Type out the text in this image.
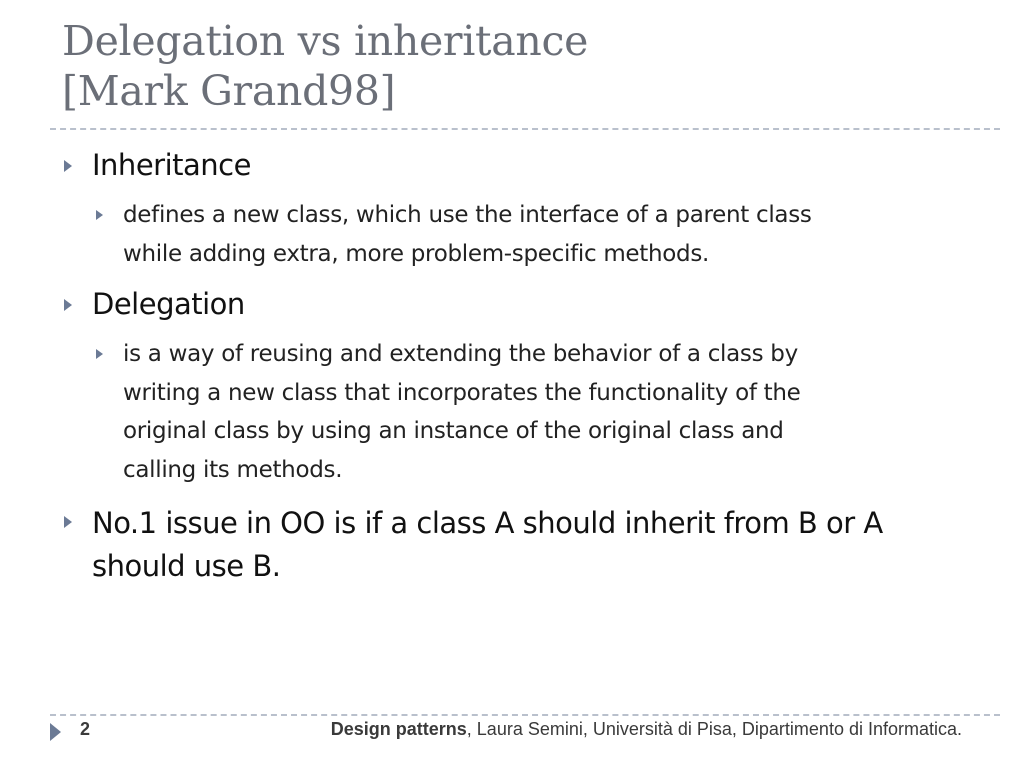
Delegation vs inheritance
[Mark Grand98]
Inheritance
defines a new class, which use the interface of a parent class
while adding extra, more problem-specific methods.
Delegation
is a way of reusing and extending the behavior of a class by
writing a new class that incorporates the functionality of the
original class by using an instance of the original class and
calling its methods.
No.1 issue in OO is if a class A should inherit from B or A
should use B.
2	Design patterns, Laura Semini, Università di Pisa, Dipartimento di Informatica.
